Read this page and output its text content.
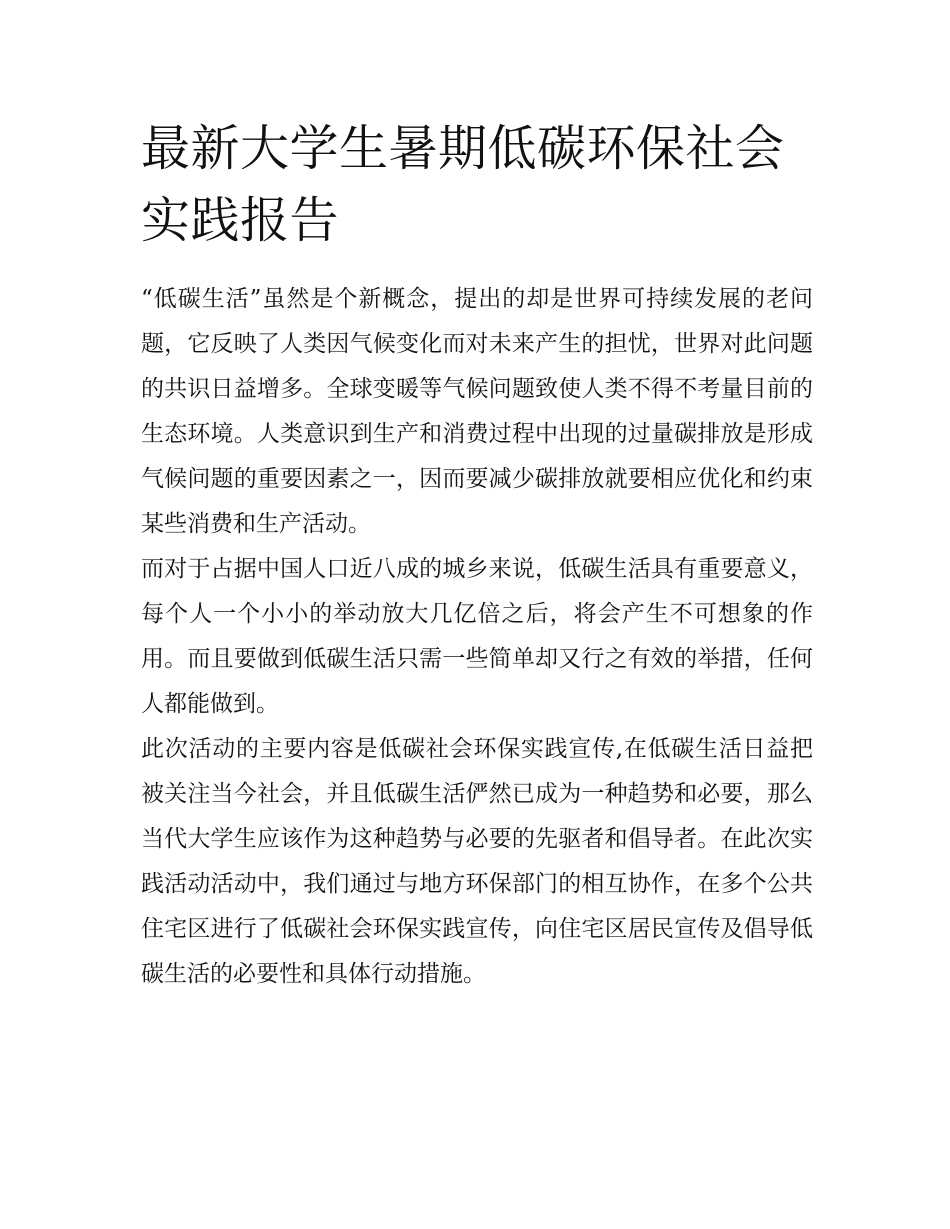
最新大学生暑期低碳环保社会实践报告

“低碳生活”虽然是个新概念，提出的却是世界可持续发展的老问题，它反映了人类因气候变化而对未来产生的担忧，世界对此问题的共识日益增多。全球变暖等气候问题致使人类不得不考量目前的生态环境。人类意识到生产和消费过程中出现的过量碳排放是形成气候问题的重要因素之一，因而要减少碳排放就要相应优化和约束某些消费和生产活动。

而对于占据中国人口近八成的城乡来说，低碳生活具有重要意义，每个人一个小小的举动放大几亿倍之后，将会产生不可想象的作用。而且要做到低碳生活只需一些简单却又行之有效的举措，任何人都能做到。

此次活动的主要内容是低碳社会环保实践宣传,在低碳生活日益把被关注当今社会，并且低碳生活俨然已成为一种趋势和必要，那么当代大学生应该作为这种趋势与必要的先驱者和倡导者。在此次实践活动活动中，我们通过与地方环保部门的相互协作，在多个公共住宅区进行了低碳社会环保实践宣传，向住宅区居民宣传及倡导低碳生活的必要性和具体行动措施。
